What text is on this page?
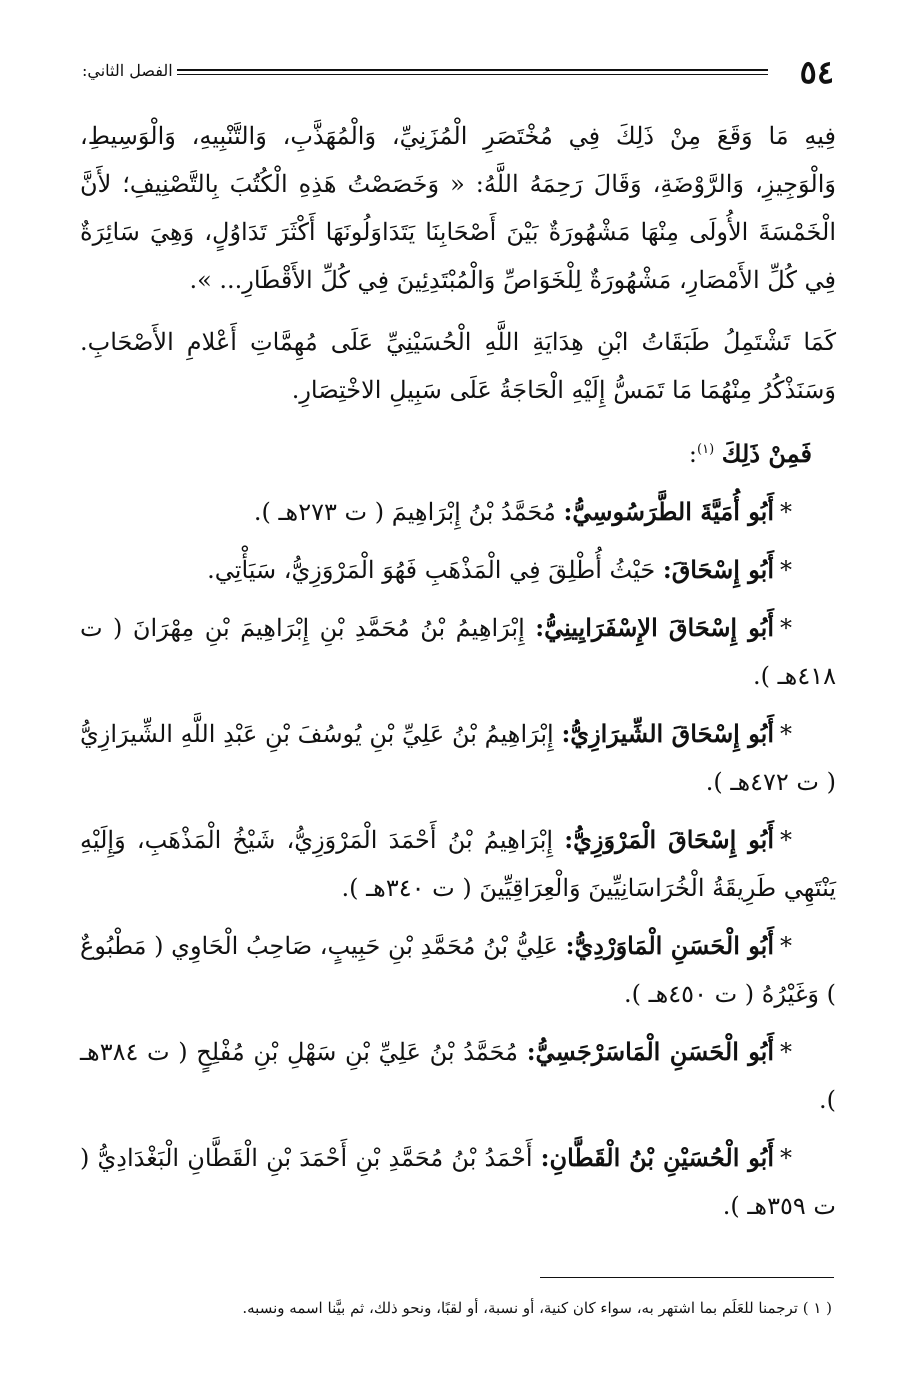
٥٤
الفصل الثاني:

فِيهِ مَا وَقَعَ مِنْ ذَلِكَ فِي مُخْتَصَرِ الْمُزَنِيِّ، وَالْمُهَذَّبِ، وَالتَّنْبِيهِ، وَالْوَسِيطِ، وَالْوَجِيزِ، وَالرَّوْضَةِ، وَقَالَ رَحِمَهُ اللَّهُ: « وَخَصَصْتُ هَذِهِ الْكُتُبَ بِالتَّصْنِيفِ؛ لأَنَّ الْخَمْسَةَ الأُولَى مِنْهَا مَشْهُورَةٌ بَيْنَ أَصْحَابِنَا يَتَدَاوَلُونَهَا أَكْثَرَ تَدَاوُلٍ، وَهِيَ سَائِرَةٌ فِي كُلِّ الأَمْصَارِ، مَشْهُورَةٌ لِلْخَوَاصِّ وَالْمُبْتَدِئِينَ فِي كُلِّ الأَقْطَارِ... ».

كَمَا تَشْتَمِلُ طَبَقَاتُ ابْنِ هِدَايَةِ اللَّهِ الْحُسَيْنِيِّ عَلَى مُهِمَّاتِ أَعْلامِ الأَصْحَابِ. وَسَنَذْكُرُ مِنْهُمَا مَا تَمَسُّ إِلَيْهِ الْحَاجَةُ عَلَى سَبِيلِ الاخْتِصَارِ.

فَمِنْ ذَلِكَ $^{(١)}$:

*أَبُو أُمَيَّةَ الطَّرَسُوسِيُّ: مُحَمَّدُ بْنُ إِبْرَاهِيمَ ( ت ٢٧٣هـ ).

*أَبُو إِسْحَاقَ: حَيْثُ أُطْلِقَ فِي الْمَذْهَبِ فَهُوَ الْمَرْوَزِيُّ، سَيَأْتِي.

*أَبُو إِسْحَاقَ الإِسْفَرَايِينِيُّ: إِبْرَاهِيمُ بْنُ مُحَمَّدِ بْنِ إِبْرَاهِيمَ بْنِ مِهْرَانَ ( ت ٤١٨هـ ).

*أَبُو إِسْحَاقَ الشِّيرَازِيُّ: إِبْرَاهِيمُ بْنُ عَلِيِّ بْنِ يُوسُفَ بْنِ عَبْدِ اللَّهِ الشِّيرَازِيُّ ( ت ٤٧٢هـ ).

*أَبُو إِسْحَاقَ الْمَرْوَزِيُّ: إِبْرَاهِيمُ بْنُ أَحْمَدَ الْمَرْوَزِيُّ، شَيْخُ الْمَذْهَبِ، وَإِلَيْهِ يَنْتَهِي طَرِيقَةُ الْخُرَاسَانِيِّينَ وَالْعِرَاقِيِّينَ ( ت ٣٤٠هـ ).

*أَبُو الْحَسَنِ الْمَاوَرْدِيُّ: عَلِيُّ بْنُ مُحَمَّدِ بْنِ حَبِيبٍ، صَاحِبُ الْحَاوِي ( مَطْبُوعٌ ) وَغَيْرُهُ ( ت ٤٥٠هـ ).

*أَبُو الْحَسَنِ الْمَاسَرْجَسِيُّ: مُحَمَّدُ بْنُ عَلِيِّ بْنِ سَهْلِ بْنِ مُفْلِحٍ ( ت ٣٨٤هـ ).

*أَبُو الْحُسَيْنِ بْنُ الْقَطَّانِ: أَحْمَدُ بْنُ مُحَمَّدِ بْنِ أَحْمَدَ بْنِ الْقَطَّانِ الْبَغْدَادِيُّ ( ت ٣٥٩هـ ).

( ١ ) ترجمنا للعَلَم بما اشتهر به، سواء كان كنية، أو نسبة، أو لقبًا، ونحو ذلك، ثم بيَّنا اسمه ونسبه.
